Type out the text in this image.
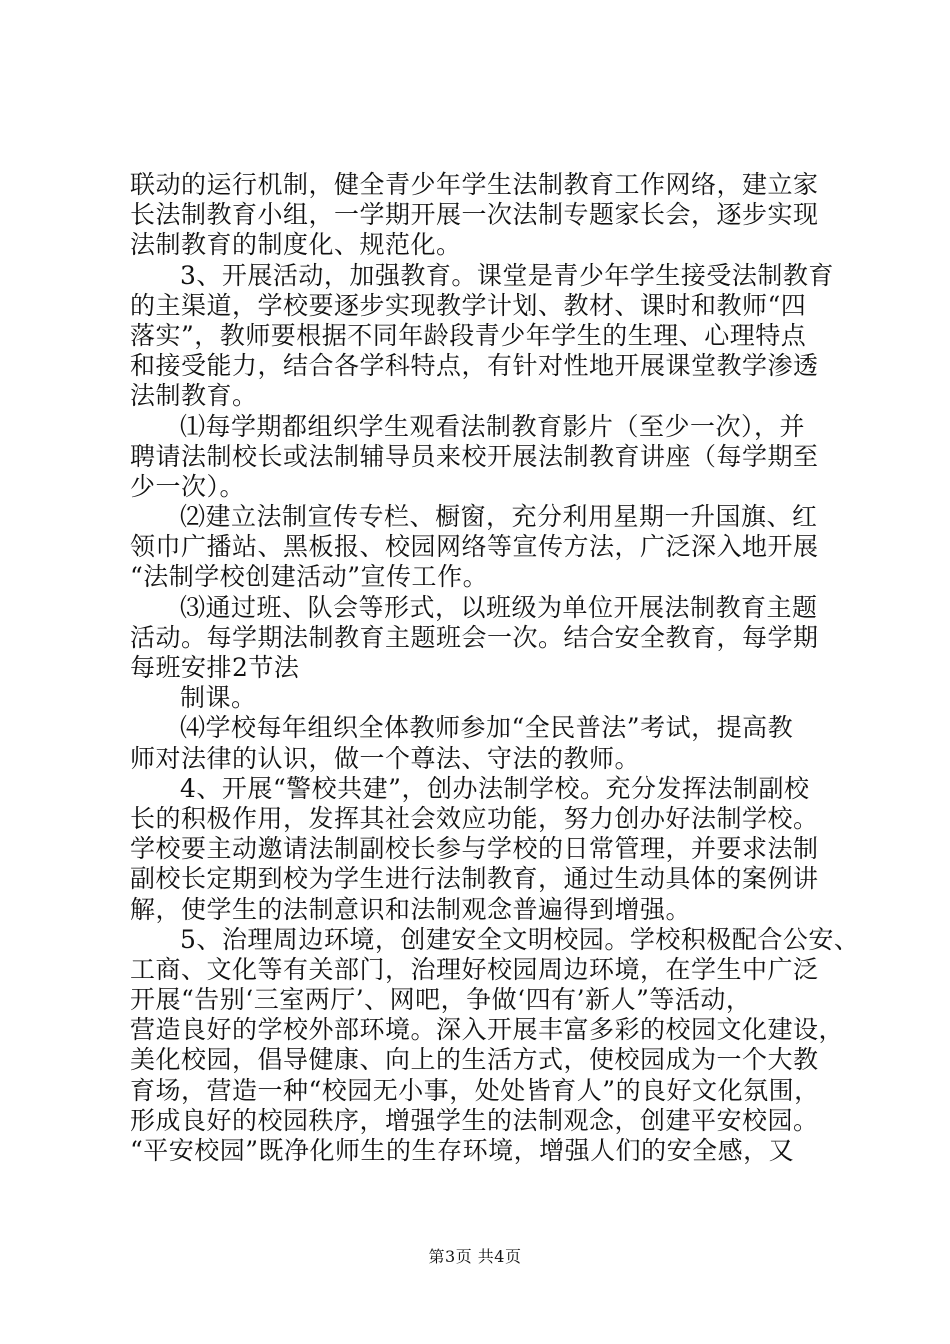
联动的运行机制，健全青少年学生法制教育工作网络，建立家
长法制教育小组，一学期开展一次法制专题家长会，逐步实现
法制教育的制度化、规范化。
3、开展活动，加强教育。课堂是青少年学生接受法制教育
的主渠道，学校要逐步实现教学计划、教材、课时和教师“四
落实”，教师要根据不同年龄段青少年学生的生理、心理特点
和接受能力，结合各学科特点，有针对性地开展课堂教学渗透
法制教育。
⑴每学期都组织学生观看法制教育影片（至少一次），并
聘请法制校长或法制辅导员来校开展法制教育讲座（每学期至
少一次）。
⑵建立法制宣传专栏、橱窗，充分利用星期一升国旗、红
领巾广播站、黑板报、校园网络等宣传方法，广泛深入地开展
“法制学校创建活动”宣传工作。
⑶通过班、队会等形式，以班级为单位开展法制教育主题
活动。每学期法制教育主题班会一次。结合安全教育，每学期
每班安排2节法
制课。
⑷学校每年组织全体教师参加“全民普法”考试，提高教
师对法律的认识，做一个尊法、守法的教师。
4、开展“警校共建”，创办法制学校。充分发挥法制副校
长的积极作用，发挥其社会效应功能，努力创办好法制学校。
学校要主动邀请法制副校长参与学校的日常管理，并要求法制
副校长定期到校为学生进行法制教育，通过生动具体的案例讲
解，使学生的法制意识和法制观念普遍得到增强。
5、治理周边环境，创建安全文明校园。学校积极配合公安、
工商、文化等有关部门，治理好校园周边环境，在学生中广泛
开展“告别‘三室两厅’、网吧，争做‘四有’新人”等活动，
营造良好的学校外部环境。深入开展丰富多彩的校园文化建设，
美化校园，倡导健康、向上的生活方式，使校园成为一个大教
育场，营造一种“校园无小事，处处皆育人”的良好文化氛围，
形成良好的校园秩序，增强学生的法制观念，创建平安校园。
“平安校园”既净化师生的生存环境，增强人们的安全感，又
第3页 共4页
